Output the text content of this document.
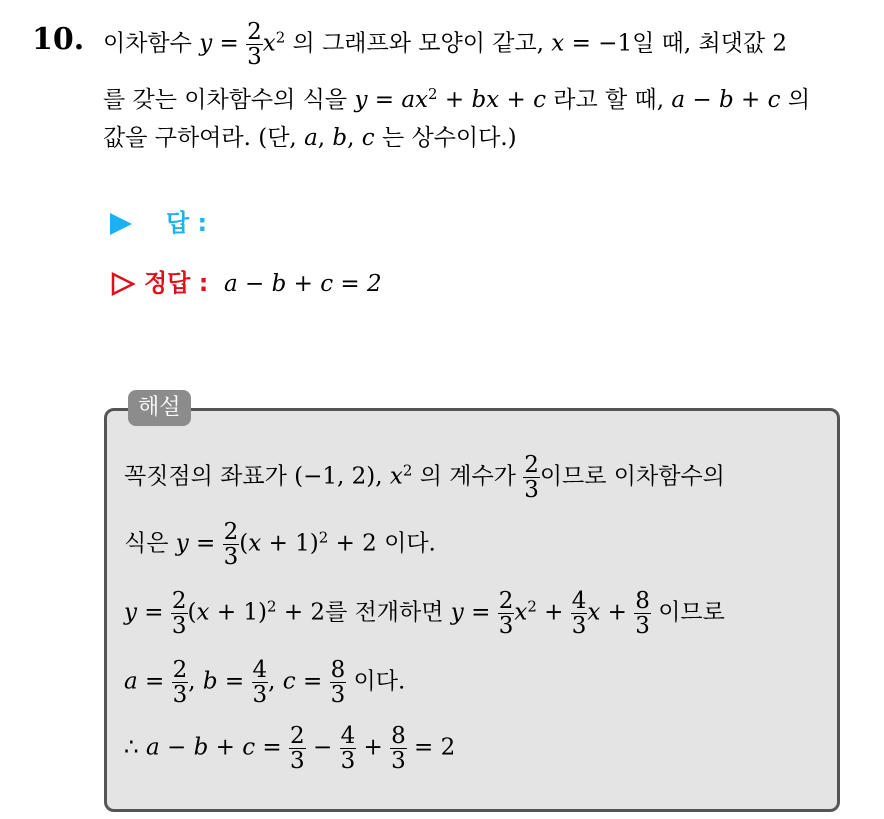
10. 이차함수 $y = \frac{2}{3} x^2$ 의 그래프와 모양이 같고, x = −1일 때, 최댓값 2
를 갖는 이차함수의 식을 $y = ax^2$ + bx + c 라고 할 때, a − b + c 의
값을 구하여라. (단, a, b, c 는 상수이다.)
답 :
정답 : a − b + c = 2
해설
꼭짓점의 좌표가 (−1, 2), $x^2$ 의 계수가 $\frac{2}{3}$ 이므로 이차함수의
식은 $y = \frac{2}{3} (x + 1)^2 + 2$ 이다.
$y = \frac{2}{3} (x + 1)^2 + 2$를 전개하면 $y = \frac{2}{3} x^2 + \frac{4}{3}$ $x + \frac{8}{3}$ 이므로
$a = \frac{2}{3}$ , $b = \frac{4}{3}$ , $c = \frac{8}{3}$ 이다.
∴ $a - b + c = \frac{2}{3} - \frac{4}{3} + \frac{8}{3} = 2$
